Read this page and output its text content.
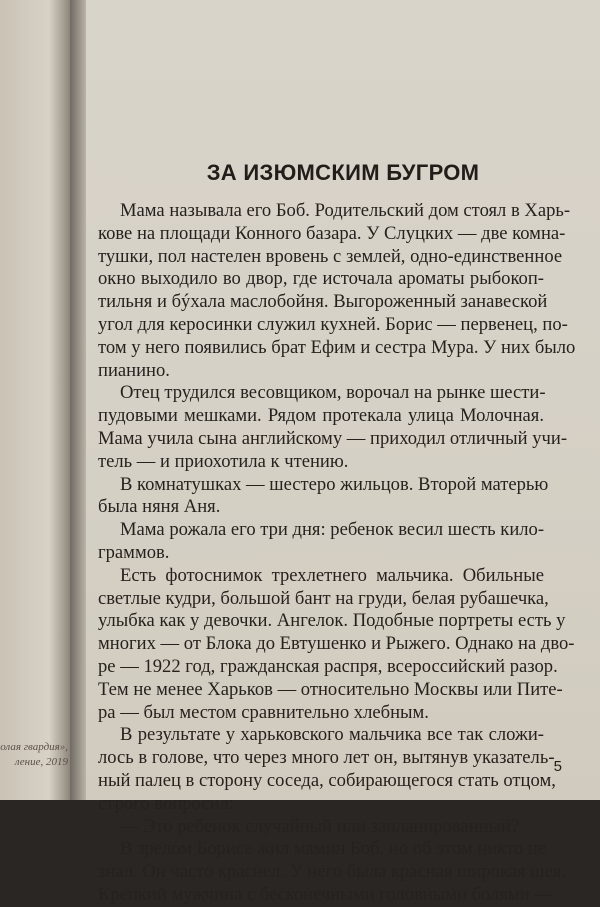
олая гвардия»,
ление, 2019
ЗА ИЗЮМСКИМ БУГРОМ
Мама называла его Боб. Родительский дом стоял в Харь-
кове на площади Конного базара. У Слуцких — две комна-
тушки, пол настелен вровень с землей, одно-единственное
окно выходило во двор, где источала ароматы рыбокоп-
тильня и бýхала маслобойня. Выгороженный занавеской
угол для керосинки служил кухней. Борис — первенец, по-
том у него появились брат Ефим и сестра Мура. У них было
пианино.
Отец трудился весовщиком, ворочал на рынке шести-
пудовыми мешками. Рядом протекала улица Молочная.
Мама учила сына английскому — приходил отличный учи-
тель — и приохотила к чтению.
В комнатушках — шестеро жильцов. Второй матерью
была няня Аня.
Мама рожала его три дня: ребенок весил шесть кило-
граммов.
Есть фотоснимок трехлетнего мальчика. Обильные
светлые кудри, большой бант на груди, белая рубашечка,
улыбка как у девочки. Ангелок. Подобные портреты есть у
многих — от Блока до Евтушенко и Рыжего. Однако на дво-
ре — 1922 год, гражданская распря, всероссийский разор.
Тем не менее Харьков — относительно Москвы или Пите-
ра — был местом сравнительно хлебным.
В результате у харьковского мальчика все так сложи-
лось в голове, что через много лет он, вытянув указатель-
ный палец в сторону соседа, собирающегося стать отцом,
строго вопросил:
— Это ребенок случайный или запланированный?
В зрелом Борисе жил мамин Боб, но об этом никто не
знал. Он часто краснел. У него была красная широкая шея.
Крепкий мужчина с бесконечными головными болями —
5
